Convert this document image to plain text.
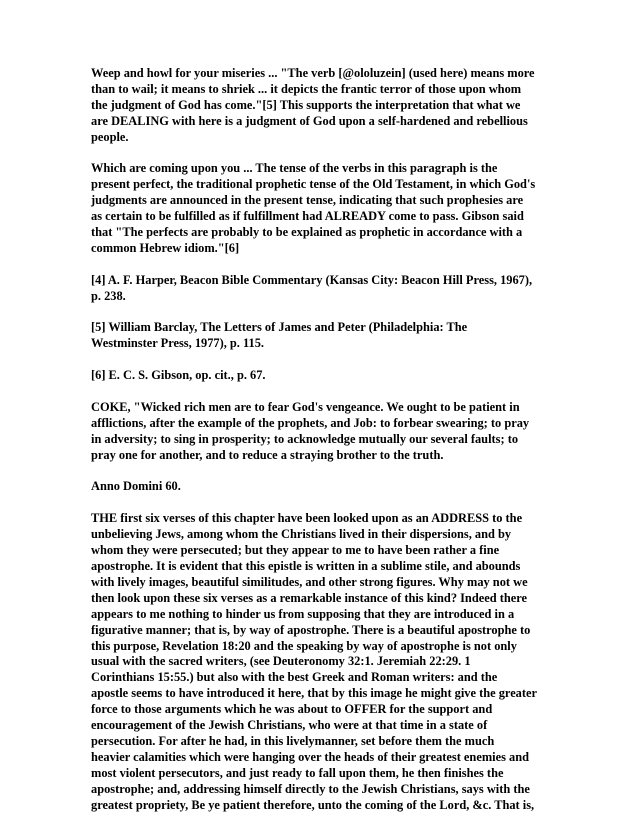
Weep and howl for your miseries ... "The verb [@ololuzein] (used here) means more
than to wail; it means to shriek ... it depicts the frantic terror of those upon whom
the judgment of God has come."[5] This supports the interpretation that what we
are DEALING with here is a judgment of God upon a self-hardened and rebellious
people.

Which are coming upon you ... The tense of the verbs in this paragraph is the
present perfect, the traditional prophetic tense of the Old Testament, in which God's
judgments are announced in the present tense, indicating that such prophesies are
as certain to be fulfilled as if fulfillment had ALREADY come to pass. Gibson said
that "The perfects are probably to be explained as prophetic in accordance with a
common Hebrew idiom."[6]

[4] A. F. Harper, Beacon Bible Commentary (Kansas City: Beacon Hill Press, 1967),
p. 238.

[5] William Barclay, The Letters of James and Peter (Philadelphia: The
Westminster Press, 1977), p. 115.

[6] E. C. S. Gibson, op. cit., p. 67.

COKE, "Wicked rich men are to fear God's vengeance. We ought to be patient in
afflictions, after the example of the prophets, and Job: to forbear swearing; to pray
in adversity; to sing in prosperity; to acknowledge mutually our several faults; to
pray one for another, and to reduce a straying brother to the truth.

Anno Domini 60.

THE first six verses of this chapter have been looked upon as an ADDRESS to the
unbelieving Jews, among whom the Christians lived in their dispersions, and by
whom they were persecuted; but they appear to me to have been rather a fine
apostrophe. It is evident that this epistle is written in a sublime stile, and abounds
with lively images, beautiful similitudes, and other strong figures. Why may not we
then look upon these six verses as a remarkable instance of this kind? Indeed there
appears to me nothing to hinder us from supposing that they are introduced in a
figurative manner; that is, by way of apostrophe. There is a beautiful apostrophe to
this purpose, Revelation 18:20 and the speaking by way of apostrophe is not only
usual with the sacred writers, (see Deuteronomy 32:1. Jeremiah 22:29. 1
Corinthians 15:55.) but also with the best Greek and Roman writers: and the
apostle seems to have introduced it here, that by this image he might give the greater
force to those arguments which he was about to OFFER for the support and
encouragement of the Jewish Christians, who were at that time in a state of
persecution. For after he had, in this livelymanner, set before them the much
heavier calamities which were hanging over the heads of their greatest enemies and
most violent persecutors, and just ready to fall upon them, he then finishes the
apostrophe; and, addressing himself directly to the Jewish Christians, says with the
greatest propriety, Be ye patient therefore, unto the coming of the Lord, &c. That is,
